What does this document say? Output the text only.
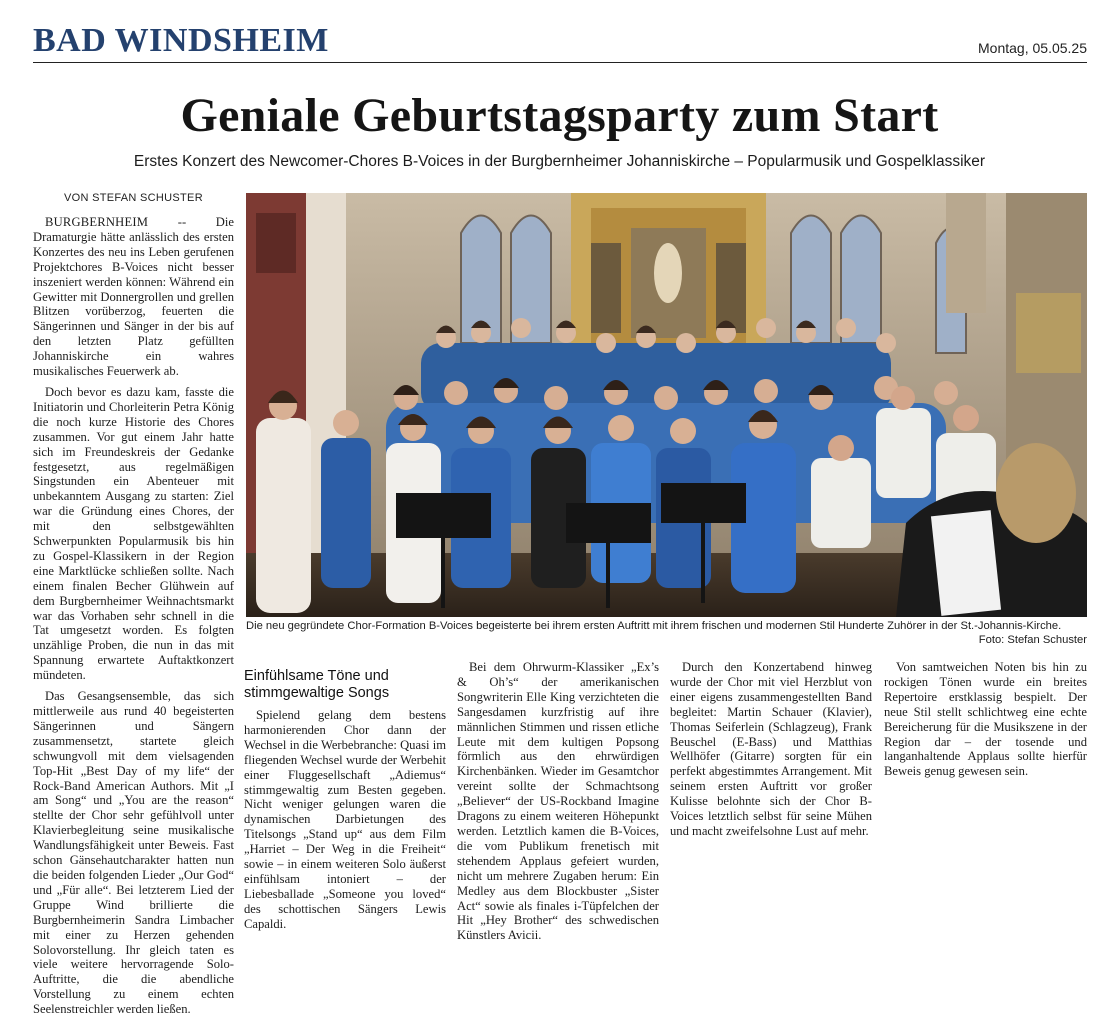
BAD WINDSHEIM	Montag, 05.05.25
Geniale Geburtstagsparty zum Start
Erstes Konzert des Newcomer-Chores B-Voices in der Burgbernheimer Johanniskirche – Popularmusik und Gospelklassiker
VON STEFAN SCHUSTER

BURGBERNHEIM -- Die Dramaturgie hätte anlässlich des ersten Konzertes des neu ins Leben gerufenen Projektchores B-Voices nicht besser inszeniert werden können: Während ein Gewitter mit Donnergrollen und grellen Blitzen vorüberzog, feuerten die Sängerinnen und Sänger in der bis auf den letzten Platz gefüllten Johanniskirche ein wahres musikalisches Feuerwerk ab.

Doch bevor es dazu kam, fasste die Initiatorin und Chorleiterin Petra König die noch kurze Historie des Chores zusammen. Vor gut einem Jahr hatte sich im Freundeskreis der Gedanke festgesetzt, aus regelmäßigen Singstunden ein Abenteuer mit unbekanntem Ausgang zu starten: Ziel war die Gründung eines Chores, der mit den selbstgewählten Schwerpunkten Popularmusik bis hin zu Gospel-Klassikern in der Region eine Marktlücke schließen sollte. Nach einem finalen Becher Glühwein auf dem Burgbernheimer Weihnachtsmarkt war das Vorhaben sehr schnell in die Tat umgesetzt worden. Es folgten unzählige Proben, die nun in das mit Spannung erwartete Auftaktkonzert mündeten.

Das Gesangsensemble, das sich mittlerweile aus rund 40 begeisterten Sängerinnen und Sängern zusammensetzt, startete gleich schwungvoll mit dem vielsagenden Top-Hit „Best Day of my life“ der Rock-Band American Authors. Mit „I am Song“ und „You are the reason“ stellte der Chor sehr gefühlvoll unter Klavierbegleitung seine musikalische Wandlungsfähigkeit unter Beweis. Fast schon Gänsehautcharakter hatten nun die beiden folgenden Lieder „Our God“ und „Für alle“. Bei letzterem Lied der Gruppe Wind brillierte die Burgbernheimerin Sandra Limbacher mit einer zu Herzen gehenden Solovorstellung. Ihr gleich taten es viele weitere hervorragende Solo-Auftritte, die die abendliche Vorstellung zu einem echten Seelenstreichler werden ließen.
Die neu gegründete Chor-Formation B-Voices begeisterte bei ihrem ersten Auftritt mit ihrem frischen und modernen Stil Hunderte Zuhörer in der St.-Johannis-Kirche.
Foto: Stefan Schuster
Einfühlsame Töne und stimmgewaltige Songs

Spielend gelang dem bestens harmonierenden Chor dann der Wechsel in die Werbebranche: Quasi im fliegenden Wechsel wurde der Werbehit einer Fluggesellschaft „Adiemus“ stimmgewaltig zum Besten gegeben. Nicht weniger gelungen waren die dynamischen Darbietungen des Titelsongs „Stand up“ aus dem Film „Harriet – Der Weg in die Freiheit“ sowie – in einem weiteren Solo äußerst einfühlsam intoniert – der Liebesballade „Someone you loved“ des schottischen Sängers Lewis Capaldi.

Bei dem Ohrwurm-Klassiker „Ex’s & Oh’s“ der amerikanischen Songwriterin Elle King verzichteten die Sangesdamen kurzfristig auf ihre männlichen Stimmen und rissen etliche Leute mit dem kultigen Popsong förmlich aus den ehrwürdigen Kirchenbänken. Wieder im Gesamtchor vereint sollte der Schmachtsong „Believer“ der US-Rockband Imagine Dragons zu einem weiteren Höhepunkt werden. Letztlich kamen die B-Voices, die vom Publikum frenetisch mit stehendem Applaus gefeiert wurden, nicht um mehrere Zugaben herum: Ein Medley aus dem Blockbuster „Sister Act“ sowie als finales i-Tüpfelchen der Hit „Hey Brother“ des schwedischen Künstlers Avicii.

Durch den Konzertabend hinweg wurde der Chor mit viel Herzblut von einer eigens zusammengestellten Band begleitet: Martin Schauer (Klavier), Thomas Seiferlein (Schlagzeug), Frank Beuschel (E-Bass) und Matthias Wellhöfer (Gitarre) sorgten für ein perfekt abgestimmtes Arrangement. Mit seinem ersten Auftritt vor großer Kulisse belohnte sich der Chor B-Voices letztlich selbst für seine Mühen und macht zweifelsohne Lust auf mehr.

Von samtweichen Noten bis hin zu rockigen Tönen wurde ein breites Repertoire erstklassig bespielt. Der neue Stil stellt schlichtweg eine echte Bereicherung für die Musikszene in der Region dar – der tosende und langanhaltende Applaus sollte hierfür Beweis genug gewesen sein.
